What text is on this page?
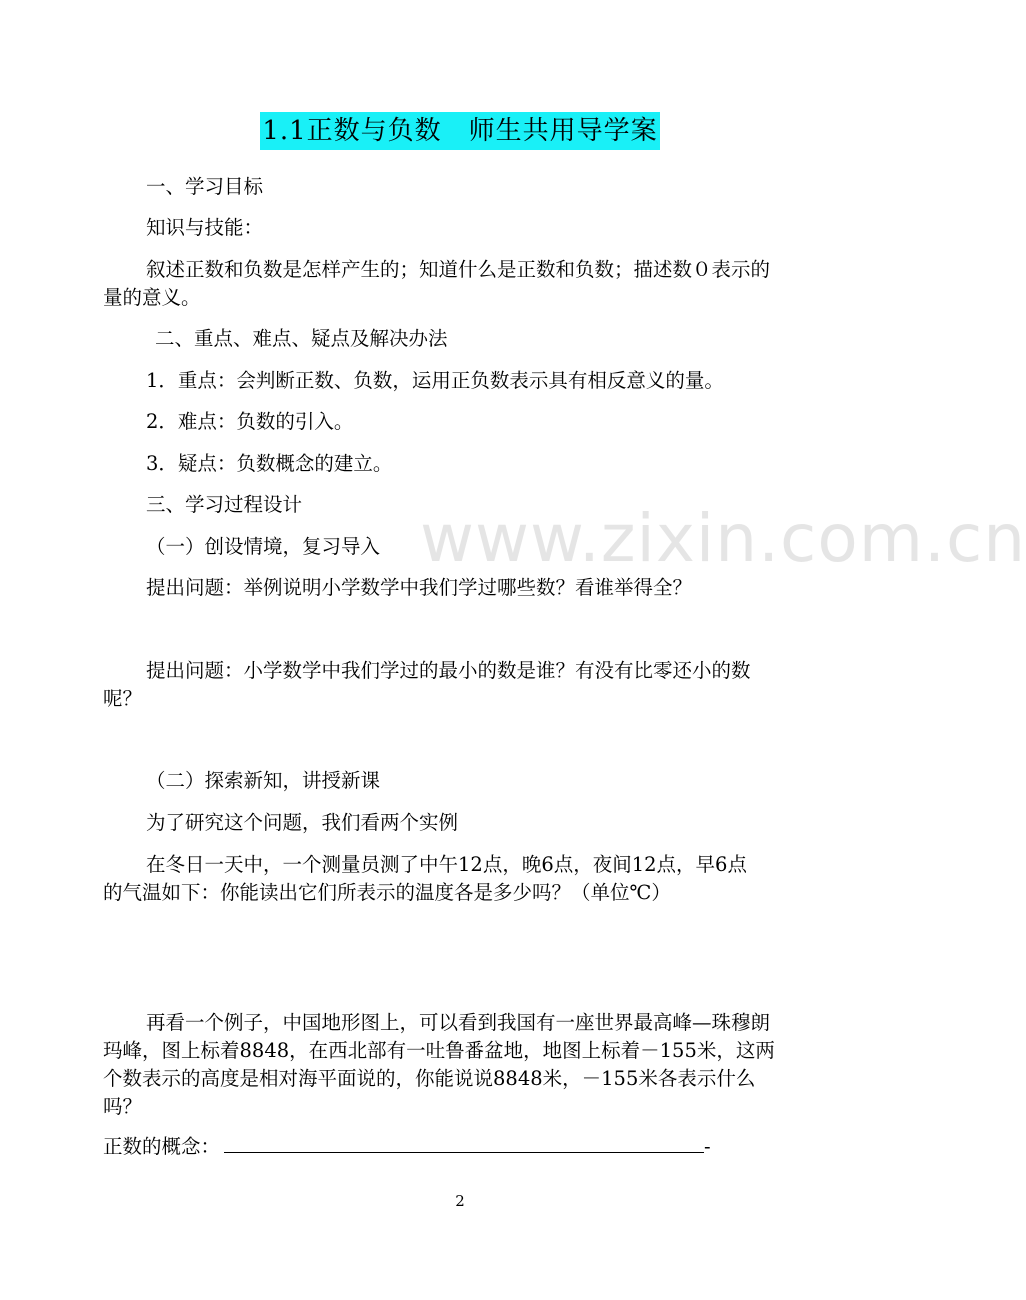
1.1正数与负数　师生共用导学案
www.zixin.com.cn
一、学习目标
知识与技能：
叙述正数和负数是怎样产生的；知道什么是正数和负数；描述数０表示的
量的意义。
二、重点、难点、疑点及解决办法
1．重点：会判断正数、负数，运用正负数表示具有相反意义的量。
2．难点：负数的引入。
3．疑点：负数概念的建立。
三、学习过程设计
（一）创设情境，复习导入
提出问题：举例说明小学数学中我们学过哪些数？看谁举得全？
提出问题：小学数学中我们学过的最小的数是谁？有没有比零还小的数
呢？
（二）探索新知，讲授新课
为了研究这个问题，我们看两个实例
在冬日一天中，一个测量员测了中午12点，晚6点，夜间12点，早6点
的气温如下：你能读出它们所表示的温度各是多少吗？（单位℃）
再看一个例子，中国地形图上，可以看到我国有一座世界最高峰—珠穆朗
玛峰，图上标着8848，在西北部有一吐鲁番盆地，地图上标着－155米，这两
个数表示的高度是相对海平面说的，你能说说8848米，－155米各表示什么
吗？
正数的概念：	-
2
